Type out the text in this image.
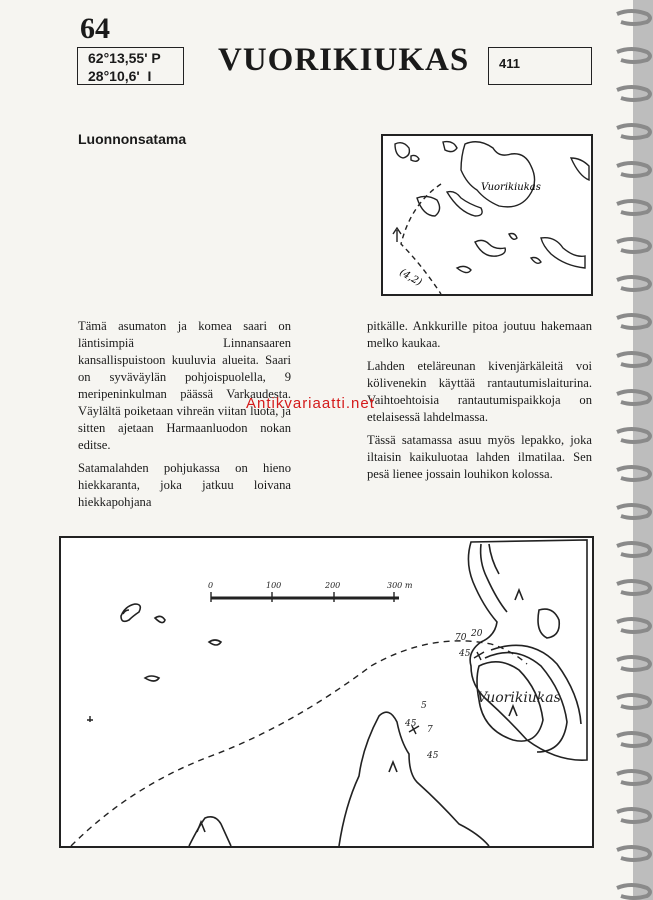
64
62°13,55' P
28°10,6'  I	VUORIKIUKAS	411
Luonnonsatama
Vuorikiukas
(4,2)

Tämä asumaton ja komea saari on läntisimpiä Linnansaaren kansallispuistoon kuuluvia alueita. Saari on syväväylän pohjoispuolella, 9 meripeninkulman päässä Varkaudesta. Väylältä poiketaan vihreän viitan luota, ja sitten ajetaan Harmaanluodon nokan editse.

Satamalahden pohjukassa on hieno hiekkaranta, joka jatkuu loivana hiekkapohjana

pitkälle. Ankkurille pitoa joutuu hakemaan melko kaukaa.

Lahden eteläreunan kivenjärkäleitä voi kölivenekin käyttää rantautumislaiturina. Vaihtoehtoisia rantautumispaikkoja on etelaisessä lahdelmassa.

Tässä satamassa asuu myös lepakko, joka iltaisin kaikuluotaa lahden ilmatilaa. Sen pesä lienee jossain louhikon kolossa.

Antikvariaatti.net
0	100	200	300 m
70 20
45
5
45
7
45
Vuorikiukas
